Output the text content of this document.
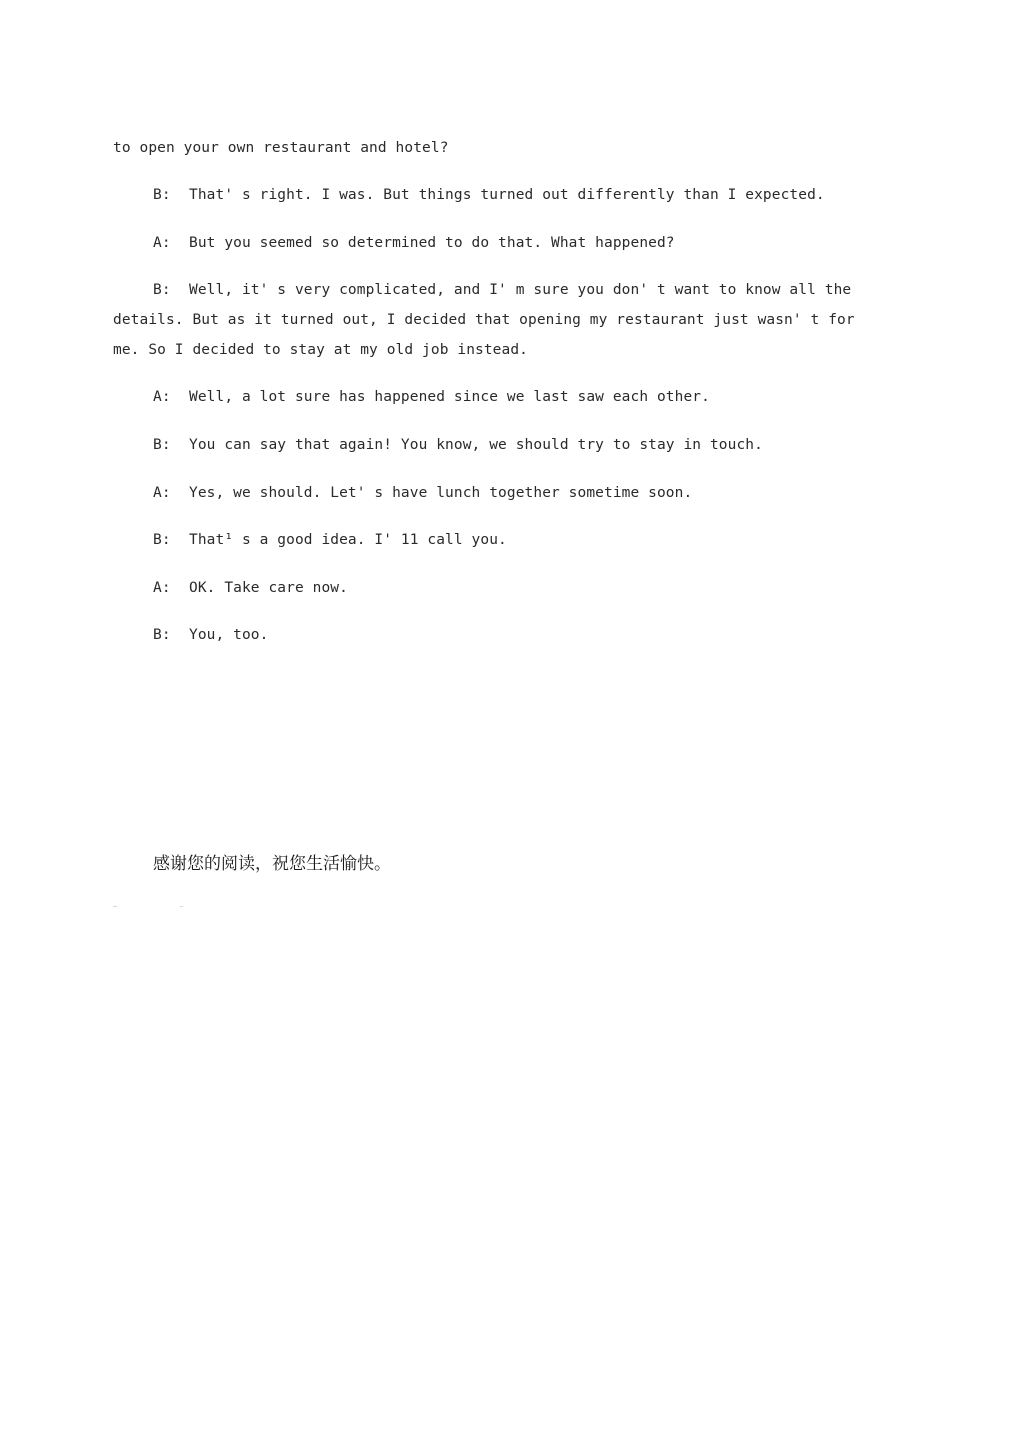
to open your own restaurant and hotel?
B: That' s right. I was. But things turned out differently than I expected.
A: But you seemed so determined to do that. What happened?
B: Well, it' s very complicated, and I' m sure you don' t want to know all the
details. But as it turned out, I decided that opening my restaurant just wasn' t for
me. So I decided to stay at my old job instead.
A: Well, a lot sure has happened since we last saw each other.
B: You can say that again! You know, we should try to stay in touch.
A: Yes, we should. Let' s have lunch together sometime soon.
B: That¹ s a good idea. I' 11 call you.
A: OK. Take care now.
B: You, too.
感谢您的阅读，祝您生活愉快。
